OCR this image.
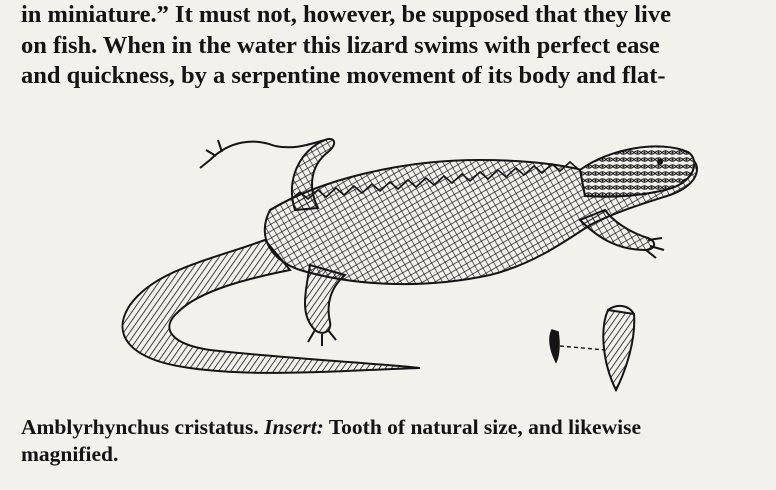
in miniature.” It must not, however, be supposed that they live
on fish. When in the water this lizard swims with perfect ease
and quickness, by a serpentine movement of its body and flat-

Amblyrhynchus cristatus. Insert: Tooth of natural size, and likewise
magnified.
